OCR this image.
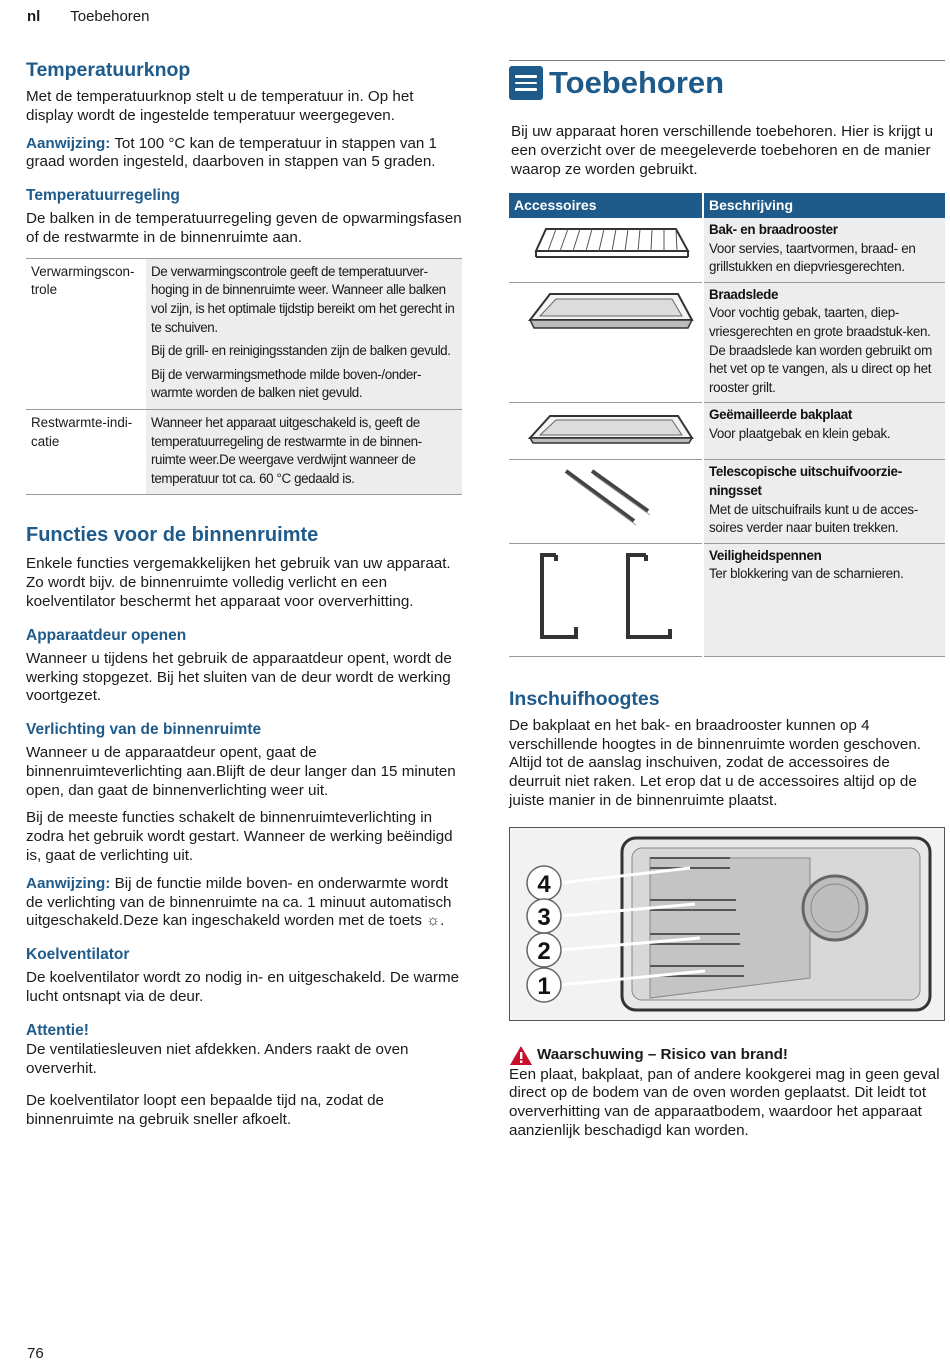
nl Toebehoren
Temperatuurknop

Met de temperatuurknop stelt u de temperatuur in. Op het display wordt de ingestelde temperatuur weergegeven.

Aanwijzing: Tot 100 °C kan de temperatuur in stappen van 1 graad worden ingesteld, daarboven in stappen van 5 graden.

Temperatuurregeling

De balken in de temperatuurregeling geven de opwarmingsfasen of de restwarmte in de binnenruimte aan.

Verwarmingscon-trole	De verwarmingscontrole geeft de temperatuurver-hoging in de binnenruimte weer. Wanneer alle balken vol zijn, is het optimale tijdstip bereikt om het gerecht in te schuiven.

Bij de grill- en reinigingsstanden zijn de balken gevuld.

Bij de verwarmingsmethode milde boven-/onder-warmte worden de balken niet gevuld.

Restwarmte-indi-catie	Wanneer het apparaat uitgeschakeld is, geeft de temperatuurregeling de restwarmte in de binnen-ruimte weer.De weergave verdwijnt wanneer de temperatuur tot ca. 60 °C gedaald is.

Functies voor de binnenruimte

Enkele functies vergemakkelijken het gebruik van uw apparaat. Zo wordt bijv. de binnenruimte volledig verlicht en een koelventilator beschermt het apparaat voor oververhitting.

Apparaatdeur openen

Wanneer u tijdens het gebruik de apparaatdeur opent, wordt de werking stopgezet. Bij het sluiten van de deur wordt de werking voortgezet.

Verlichting van de binnenruimte

Wanneer u de apparaatdeur opent, gaat de binnenruimteverlichting aan.Blijft de deur langer dan 15 minuten open, dan gaat de binnenverlichting weer uit.

Bij de meeste functies schakelt de binnenruimteverlichting in zodra het gebruik wordt gestart. Wanneer de werking beëindigd is, gaat de verlichting uit.

Aanwijzing: Bij de functie milde boven- en onderwarmte wordt de verlichting van de binnenruimte na ca. 1 minuut automatisch uitgeschakeld.Deze kan ingeschakeld worden met de toets ☼.

Koelventilator

De koelventilator wordt zo nodig in- en uitgeschakeld. De warme lucht ontsnapt via de deur.

Attentie!

De ventilatiesleuven niet afdekken. Anders raakt de oven oververhit.

De koelventilator loopt een bepaalde tijd na, zodat de binnenruimte na gebruik sneller afkoelt.

Toebehoren

Bij uw apparaat horen verschillende toebehoren. Hier is krijgt u een overzicht over de meegeleverde toebehoren en de manier waarop ze worden gebruikt.

Accessoires	Beschrijving

Bak- en braadrooster
Voor servies, taartvormen, braad- en grillstukken en diepvriesgerechten.

Braadslede
Voor vochtig gebak, taarten, diep-vriesgerechten en grote braadstuk-ken. De braadslede kan worden gebruikt om het vet op te vangen, als u direct op het rooster grilt.

Geëmailleerde bakplaat
Voor plaatgebak en klein gebak.

Telescopische uitschuifvoorzie-ningsset
Met de uitschuifrails kunt u de acces-soires verder naar buiten trekken.

Veiligheidspennen
Ter blokkering van de scharnieren.
Inschuifhoogtes

De bakplaat en het bak- en braadrooster kunnen op 4 verschillende hoogtes in de binnenruimte worden geschoven. Altijd tot de aanslag inschuiven, zodat de accessoires de deurruit niet raken. Let erop dat u de accessoires altijd op de juiste manier in de binnenruimte plaatst.

4
3
2
1
Waarschuwing – Risico van brand!

Een plaat, bakplaat, pan of andere kookgerei mag in geen geval direct op de bodem van de oven worden geplaatst. Dit leidt tot oververhitting van de apparaatbodem, waardoor het apparaat aanzienlijk beschadigd kan worden.

76
